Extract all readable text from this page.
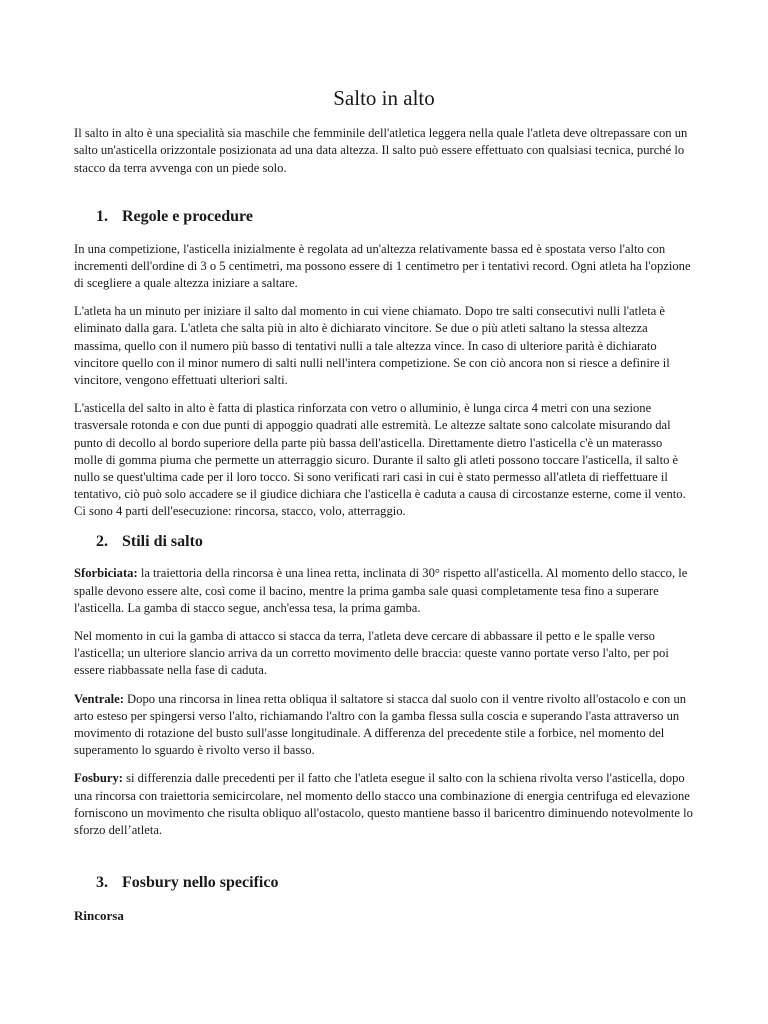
Salto in alto

Il salto in alto è una specialità sia maschile che femminile dell'atletica leggera nella quale l'atleta deve oltrepassare con un salto un'asticella orizzontale posizionata ad una data altezza. Il salto può essere effettuato con qualsiasi tecnica, purché lo stacco da terra avvenga con un piede solo.

1. Regole e procedure

In una competizione, l'asticella inizialmente è regolata ad un'altezza relativamente bassa ed è spostata verso l'alto con incrementi dell'ordine di 3 o 5 centimetri, ma possono essere di 1 centimetro per i tentativi record. Ogni atleta ha l'opzione di scegliere a quale altezza iniziare a saltare.

L'atleta ha un minuto per iniziare il salto dal momento in cui viene chiamato. Dopo tre salti consecutivi nulli l'atleta è eliminato dalla gara. L'atleta che salta più in alto è dichiarato vincitore. Se due o più atleti saltano la stessa altezza massima, quello con il numero più basso di tentativi nulli a tale altezza vince. In caso di ulteriore parità è dichiarato vincitore quello con il minor numero di salti nulli nell'intera competizione. Se con ciò ancora non si riesce a definire il vincitore, vengono effettuati ulteriori salti.

L'asticella del salto in alto è fatta di plastica rinforzata con vetro o alluminio, è lunga circa 4 metri con una sezione trasversale rotonda e con due punti di appoggio quadrati alle estremità. Le altezze saltate sono calcolate misurando dal punto di decollo al bordo superiore della parte più bassa dell'asticella. Direttamente dietro l'asticella c'è un materasso molle di gomma piuma che permette un atterraggio sicuro. Durante il salto gli atleti possono toccare l'asticella, il salto è nullo se quest'ultima cade per il loro tocco. Si sono verificati rari casi in cui è stato permesso all'atleta di rieffettuare il tentativo, ciò può solo accadere se il giudice dichiara che l'asticella è caduta a causa di circostanze esterne, come il vento. Ci sono 4 parti dell'esecuzione: rincorsa, stacco, volo, atterraggio.

2. Stili di salto

Sforbiciata: la traiettoria della rincorsa è una linea retta, inclinata di 30° rispetto all'asticella. Al momento dello stacco, le spalle devono essere alte, così come il bacino, mentre la prima gamba sale quasi completamente tesa fino a superare l'asticella. La gamba di stacco segue, anch'essa tesa, la prima gamba.

Nel momento in cui la gamba di attacco si stacca da terra, l'atleta deve cercare di abbassare il petto e le spalle verso l'asticella; un ulteriore slancio arriva da un corretto movimento delle braccia: queste vanno portate verso l'alto, per poi essere riabbassate nella fase di caduta.

Ventrale: Dopo una rincorsa in linea retta obliqua il saltatore si stacca dal suolo con il ventre rivolto all'ostacolo e con un arto esteso per spingersi verso l'alto, richiamando l'altro con la gamba flessa sulla coscia e superando l'asta attraverso un movimento di rotazione del busto sull'asse longitudinale. A differenza del precedente stile a forbice, nel momento del superamento lo sguardo è rivolto verso il basso.

Fosbury: si differenzia dalle precedenti per il fatto che l'atleta esegue il salto con la schiena rivolta verso l'asticella, dopo una rincorsa con traiettoria semicircolare, nel momento dello stacco una combinazione di energia centrifuga ed elevazione forniscono un movimento che risulta obliquo all'ostacolo, questo mantiene basso il baricentro diminuendo notevolmente lo sforzo dell’atleta.

3. Fosbury nello specifico

Rincorsa
